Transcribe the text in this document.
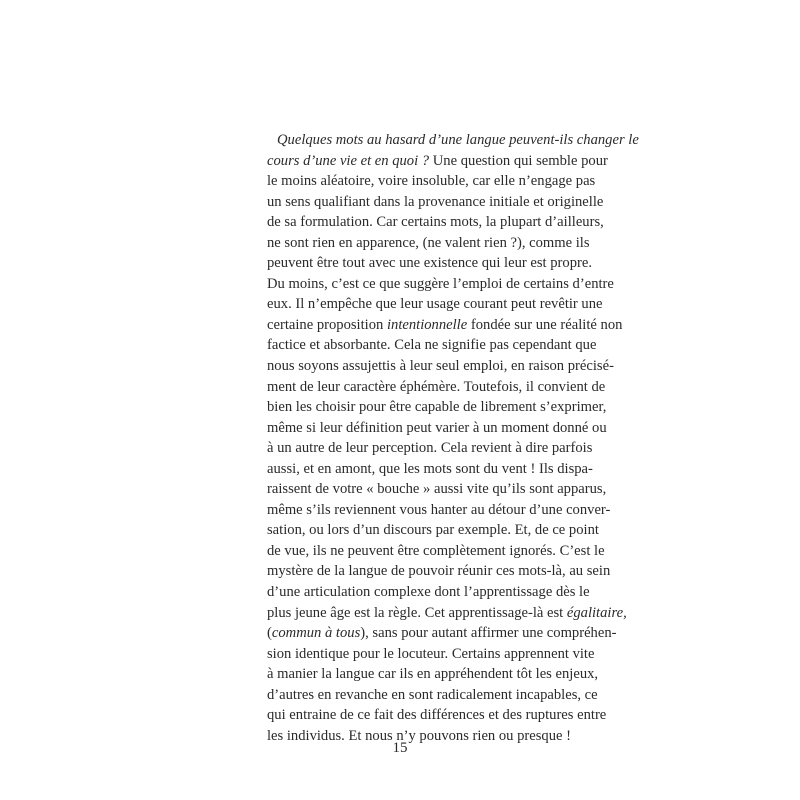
Quelques mots au hasard d’une langue peuvent-ils changer le
cours d’une vie et en quoi ? Une question qui semble pour
le moins aléatoire, voire insoluble, car elle n’engage pas
un sens qualifiant dans la provenance initiale et originelle
de sa formulation. Car certains mots, la plupart d’ailleurs,
ne sont rien en apparence, (ne valent rien ?), comme ils
peuvent être tout avec une existence qui leur est propre.
Du moins, c’est ce que suggère l’emploi de certains d’entre
eux. Il n’empêche que leur usage courant peut revêtir une
certaine proposition intentionnelle fondée sur une réalité non
factice et absorbante. Cela ne signifie pas cependant que
nous soyons assujettis à leur seul emploi, en raison précisé-
ment de leur caractère éphémère. Toutefois, il convient de
bien les choisir pour être capable de librement s’exprimer,
même si leur définition peut varier à un moment donné ou
à un autre de leur perception. Cela revient à dire parfois
aussi, et en amont, que les mots sont du vent ! Ils dispa-
raissent de votre « bouche » aussi vite qu’ils sont apparus,
même s’ils reviennent vous hanter au détour d’une conver-
sation, ou lors d’un discours par exemple. Et, de ce point
de vue, ils ne peuvent être complètement ignorés. C’est le
mystère de la langue de pouvoir réunir ces mots-là, au sein
d’une articulation complexe dont l’apprentissage dès le
plus jeune âge est la règle. Cet apprentissage-là est égalitaire,
(commun à tous), sans pour autant affirmer une compréhen-
sion identique pour le locuteur. Certains apprennent vite
à manier la langue car ils en appréhendent tôt les enjeux,
d’autres en revanche en sont radicalement incapables, ce
qui entraine de ce fait des différences et des ruptures entre
les individus. Et nous n’y pouvons rien ou presque !
15
